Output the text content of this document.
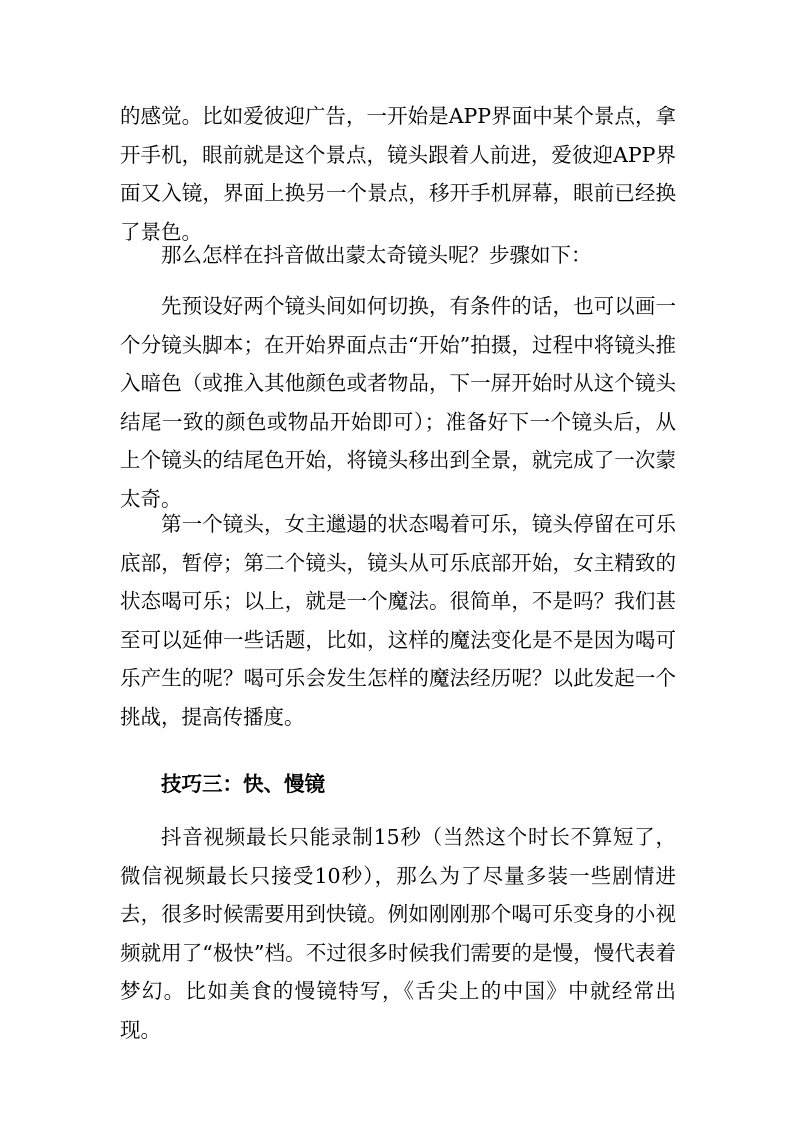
的感觉。比如爱彼迎广告，一开始是APP界面中某个景点，拿开手机，眼前就是这个景点，镜头跟着人前进，爱彼迎APP界面又入镜，界面上换另一个景点，移开手机屏幕，眼前已经换了景色。

那么怎样在抖音做出蒙太奇镜头呢？步骤如下：

先预设好两个镜头间如何切换，有条件的话，也可以画一个分镜头脚本；在开始界面点击“开始”拍摄，过程中将镜头推入暗色（或推入其他颜色或者物品，下一屏开始时从这个镜头结尾一致的颜色或物品开始即可）；准备好下一个镜头后，从上个镜头的结尾色开始，将镜头移出到全景，就完成了一次蒙太奇。

第一个镜头，女主邋遢的状态喝着可乐，镜头停留在可乐底部，暂停；第二个镜头，镜头从可乐底部开始，女主精致的状态喝可乐；以上，就是一个魔法。很简单，不是吗？我们甚至可以延伸一些话题，比如，这样的魔法变化是不是因为喝可乐产生的呢？喝可乐会发生怎样的魔法经历呢？以此发起一个挑战，提高传播度。

技巧三：快、慢镜

抖音视频最长只能录制15秒（当然这个时长不算短了，微信视频最长只接受10秒），那么为了尽量多装一些剧情进去，很多时候需要用到快镜。例如刚刚那个喝可乐变身的小视频就用了“极快”档。不过很多时候我们需要的是慢，慢代表着梦幻。比如美食的慢镜特写，《舌尖上的中国》中就经常出现。
